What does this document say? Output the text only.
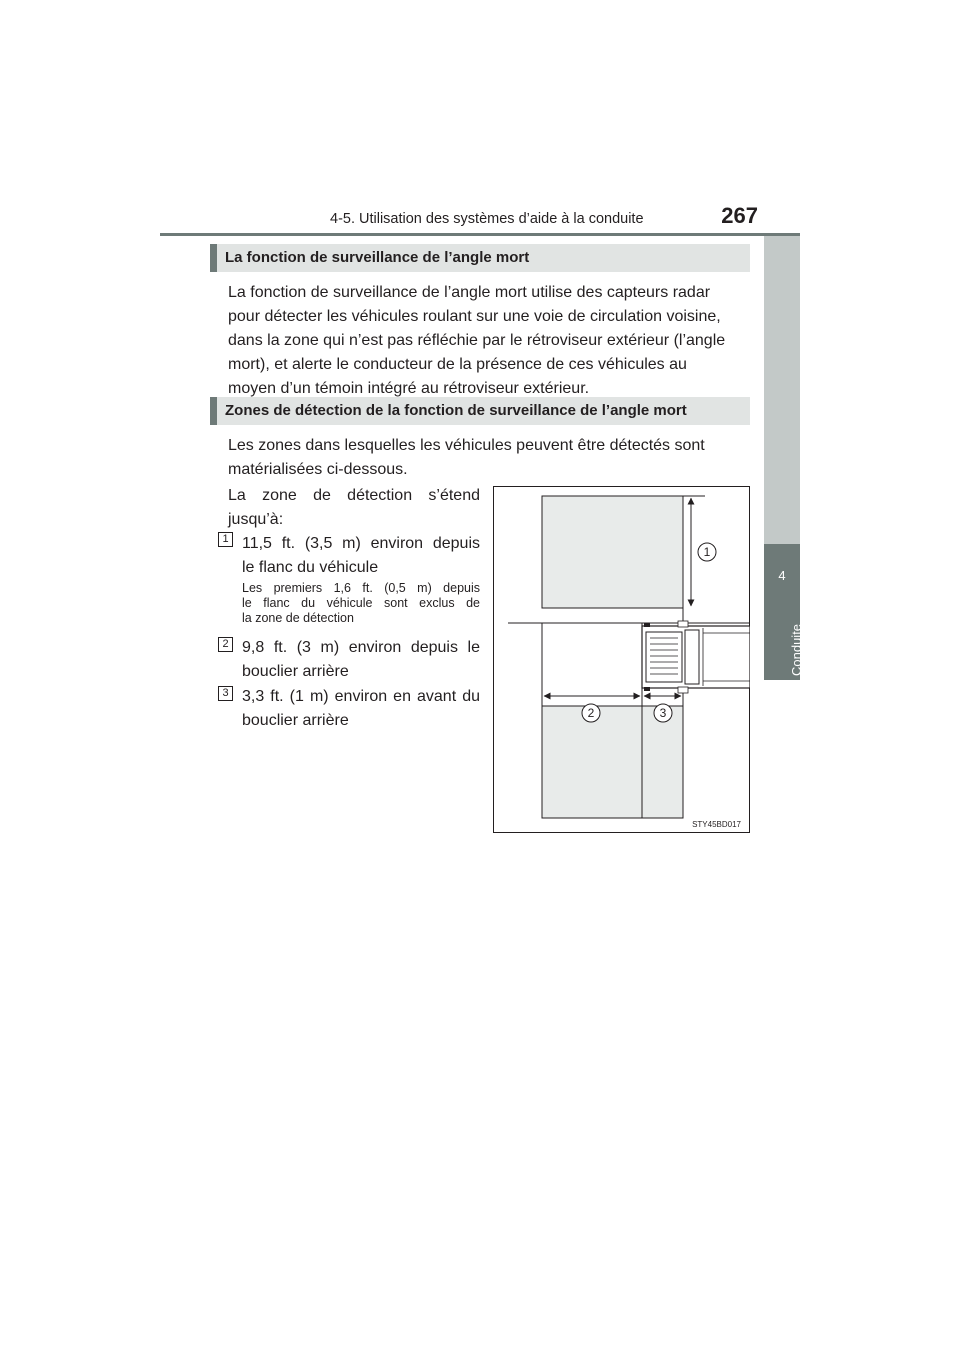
4-5. Utilisation des systèmes d’aide à la conduite	267
4
Conduite
La fonction de surveillance de l’angle mort

La fonction de surveillance de l’angle mort utilise des capteurs radar

pour détecter les véhicules roulant sur une voie de circulation voisine,

dans la zone qui n’est pas réfléchie par le rétroviseur extérieur (l’angle

mort), et alerte le conducteur de la présence de ces véhicules au

moyen d’un témoin intégré au rétroviseur extérieur.

Zones de détection de la fonction de surveillance de l’angle mort

Les zones dans lesquelles les véhicules peuvent être détectés sont

matérialisées ci-dessous.

La zone de détection s’étend

jusqu’à:

1 11,5 ft. (3,5 m) environ depuis

le flanc du véhicule

Les premiers 1,6 ft. (0,5 m) depuis

le flanc du véhicule sont exclus de

la zone de détection

2 9,8 ft. (3 m) environ depuis le

bouclier arrière

3 3,3 ft. (1 m) environ en avant du

bouclier arrière

1
2	3
STY45BD017
